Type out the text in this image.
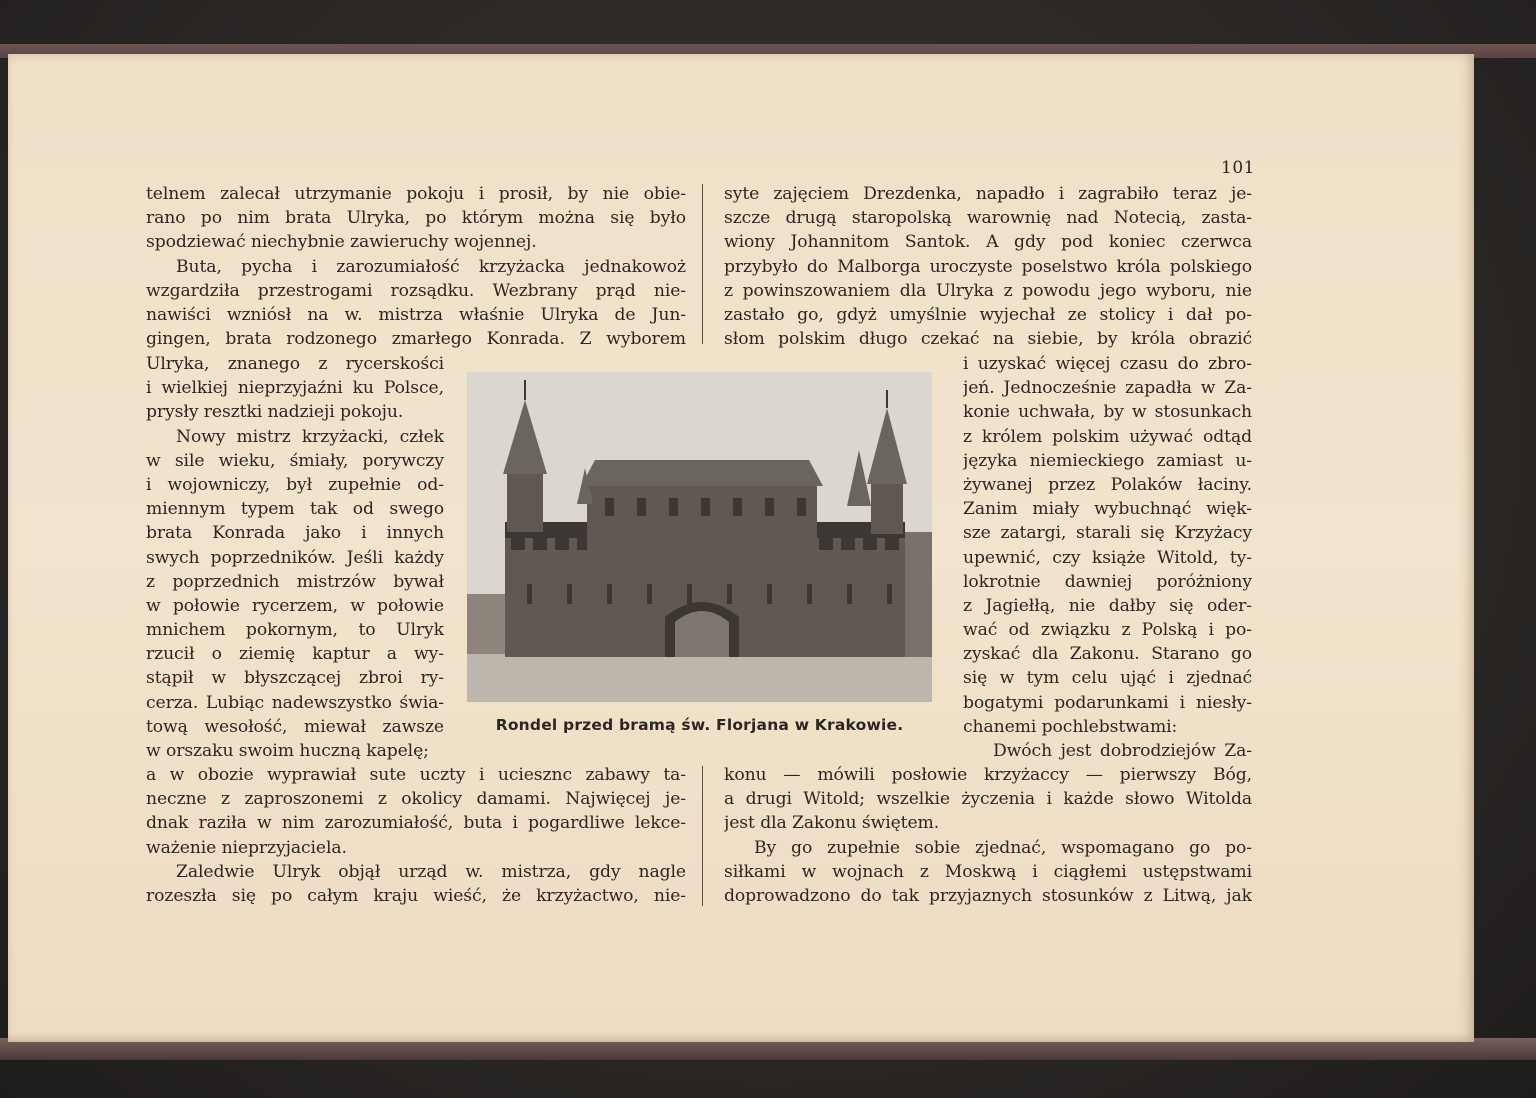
101
telnem zalecał utrzymanie pokoju i prosił, by nie obie-
rano po nim brata Ulryka, po którym można się było
spodziewać niechybnie zawieruchy wojennej.
Buta, pycha i zarozumiałość krzyżacka jednakowoż
wzgardziła przestrogami rozsądku. Wezbrany prąd nie-
nawiści wzniósł na w. mistrza właśnie Ulryka de Jun-
gingen, brata rodzonego zmarłego Konrada. Z wyborem
Ulryka, znanego z rycerskości
i wielkiej nieprzyjaźni ku Polsce,
prysły resztki nadzieji pokoju.
Nowy mistrz krzyżacki, człek
w sile wieku, śmiały, porywczy
i wojowniczy, był zupełnie od-
miennym typem tak od swego
brata Konrada jako i innych
swych poprzedników. Jeśli każdy
z poprzednich mistrzów bywał
w połowie rycerzem, w połowie
mnichem pokornym, to Ulryk
rzucił o ziemię kaptur a wy-
stąpił w błyszczącej zbroi ry-
cerza. Lubiąc nadewszystko świa-
tową wesołość, miewał zawsze
w orszaku swoim huczną kapelę;
a w obozie wyprawiał sute uczty i uciesznc zabawy ta-
neczne z zaproszonemi z okolicy damami. Najwięcej je-
dnak raziła w nim zarozumiałość, buta i pogardliwe lekce-
ważenie nieprzyjaciela.
Zaledwie Ulryk objął urząd w. mistrza, gdy nagle
rozeszła się po całym kraju wieść, że krzyżactwo, nie-
syte zajęciem Drezdenka, napadło i zagrabiło teraz je-
szcze drugą staropolską warownię nad Notecią, zasta-
wiony Johannitom Santok. A gdy pod koniec czerwca
przybyło do Malborga uroczyste poselstwo króla polskiego
z powinszowaniem dla Ulryka z powodu jego wyboru, nie
zastało go, gdyż umyślnie wyjechał ze stolicy i dał po-
słom polskim długo czekać na siebie, by króla obrazić
i uzyskać więcej czasu do zbro-
jeń. Jednocześnie zapadła w Za-
konie uchwała, by w stosunkach
z królem polskim używać odtąd
języka niemieckiego zamiast u-
żywanej przez Polaków łaciny.
Zanim miały wybuchnąć więk-
sze zatargi, starali się Krzyżacy
upewnić, czy książe Witold, ty-
lokrotnie dawniej poróżniony
z Jagiełłą, nie dałby się oder-
wać od związku z Polską i po-
zyskać dla Zakonu. Starano go
się w tym celu ująć i zjednać
bogatymi podarunkami i niesły-
chanemi pochlebstwami:
Dwóch jest dobrodziejów Za-
konu — mówili posłowie krzyżaccy — pierwszy Bóg,
a drugi Witold; wszelkie życzenia i każde słowo Witolda
jest dla Zakonu świętem.
By go zupełnie sobie zjednać, wspomagano go po-
siłkami w wojnach z Moskwą i ciągłemi ustępstwami
doprowadzono do tak przyjaznych stosunków z Litwą, jak
Rondel przed bramą św. Florjana w Krakowie.
